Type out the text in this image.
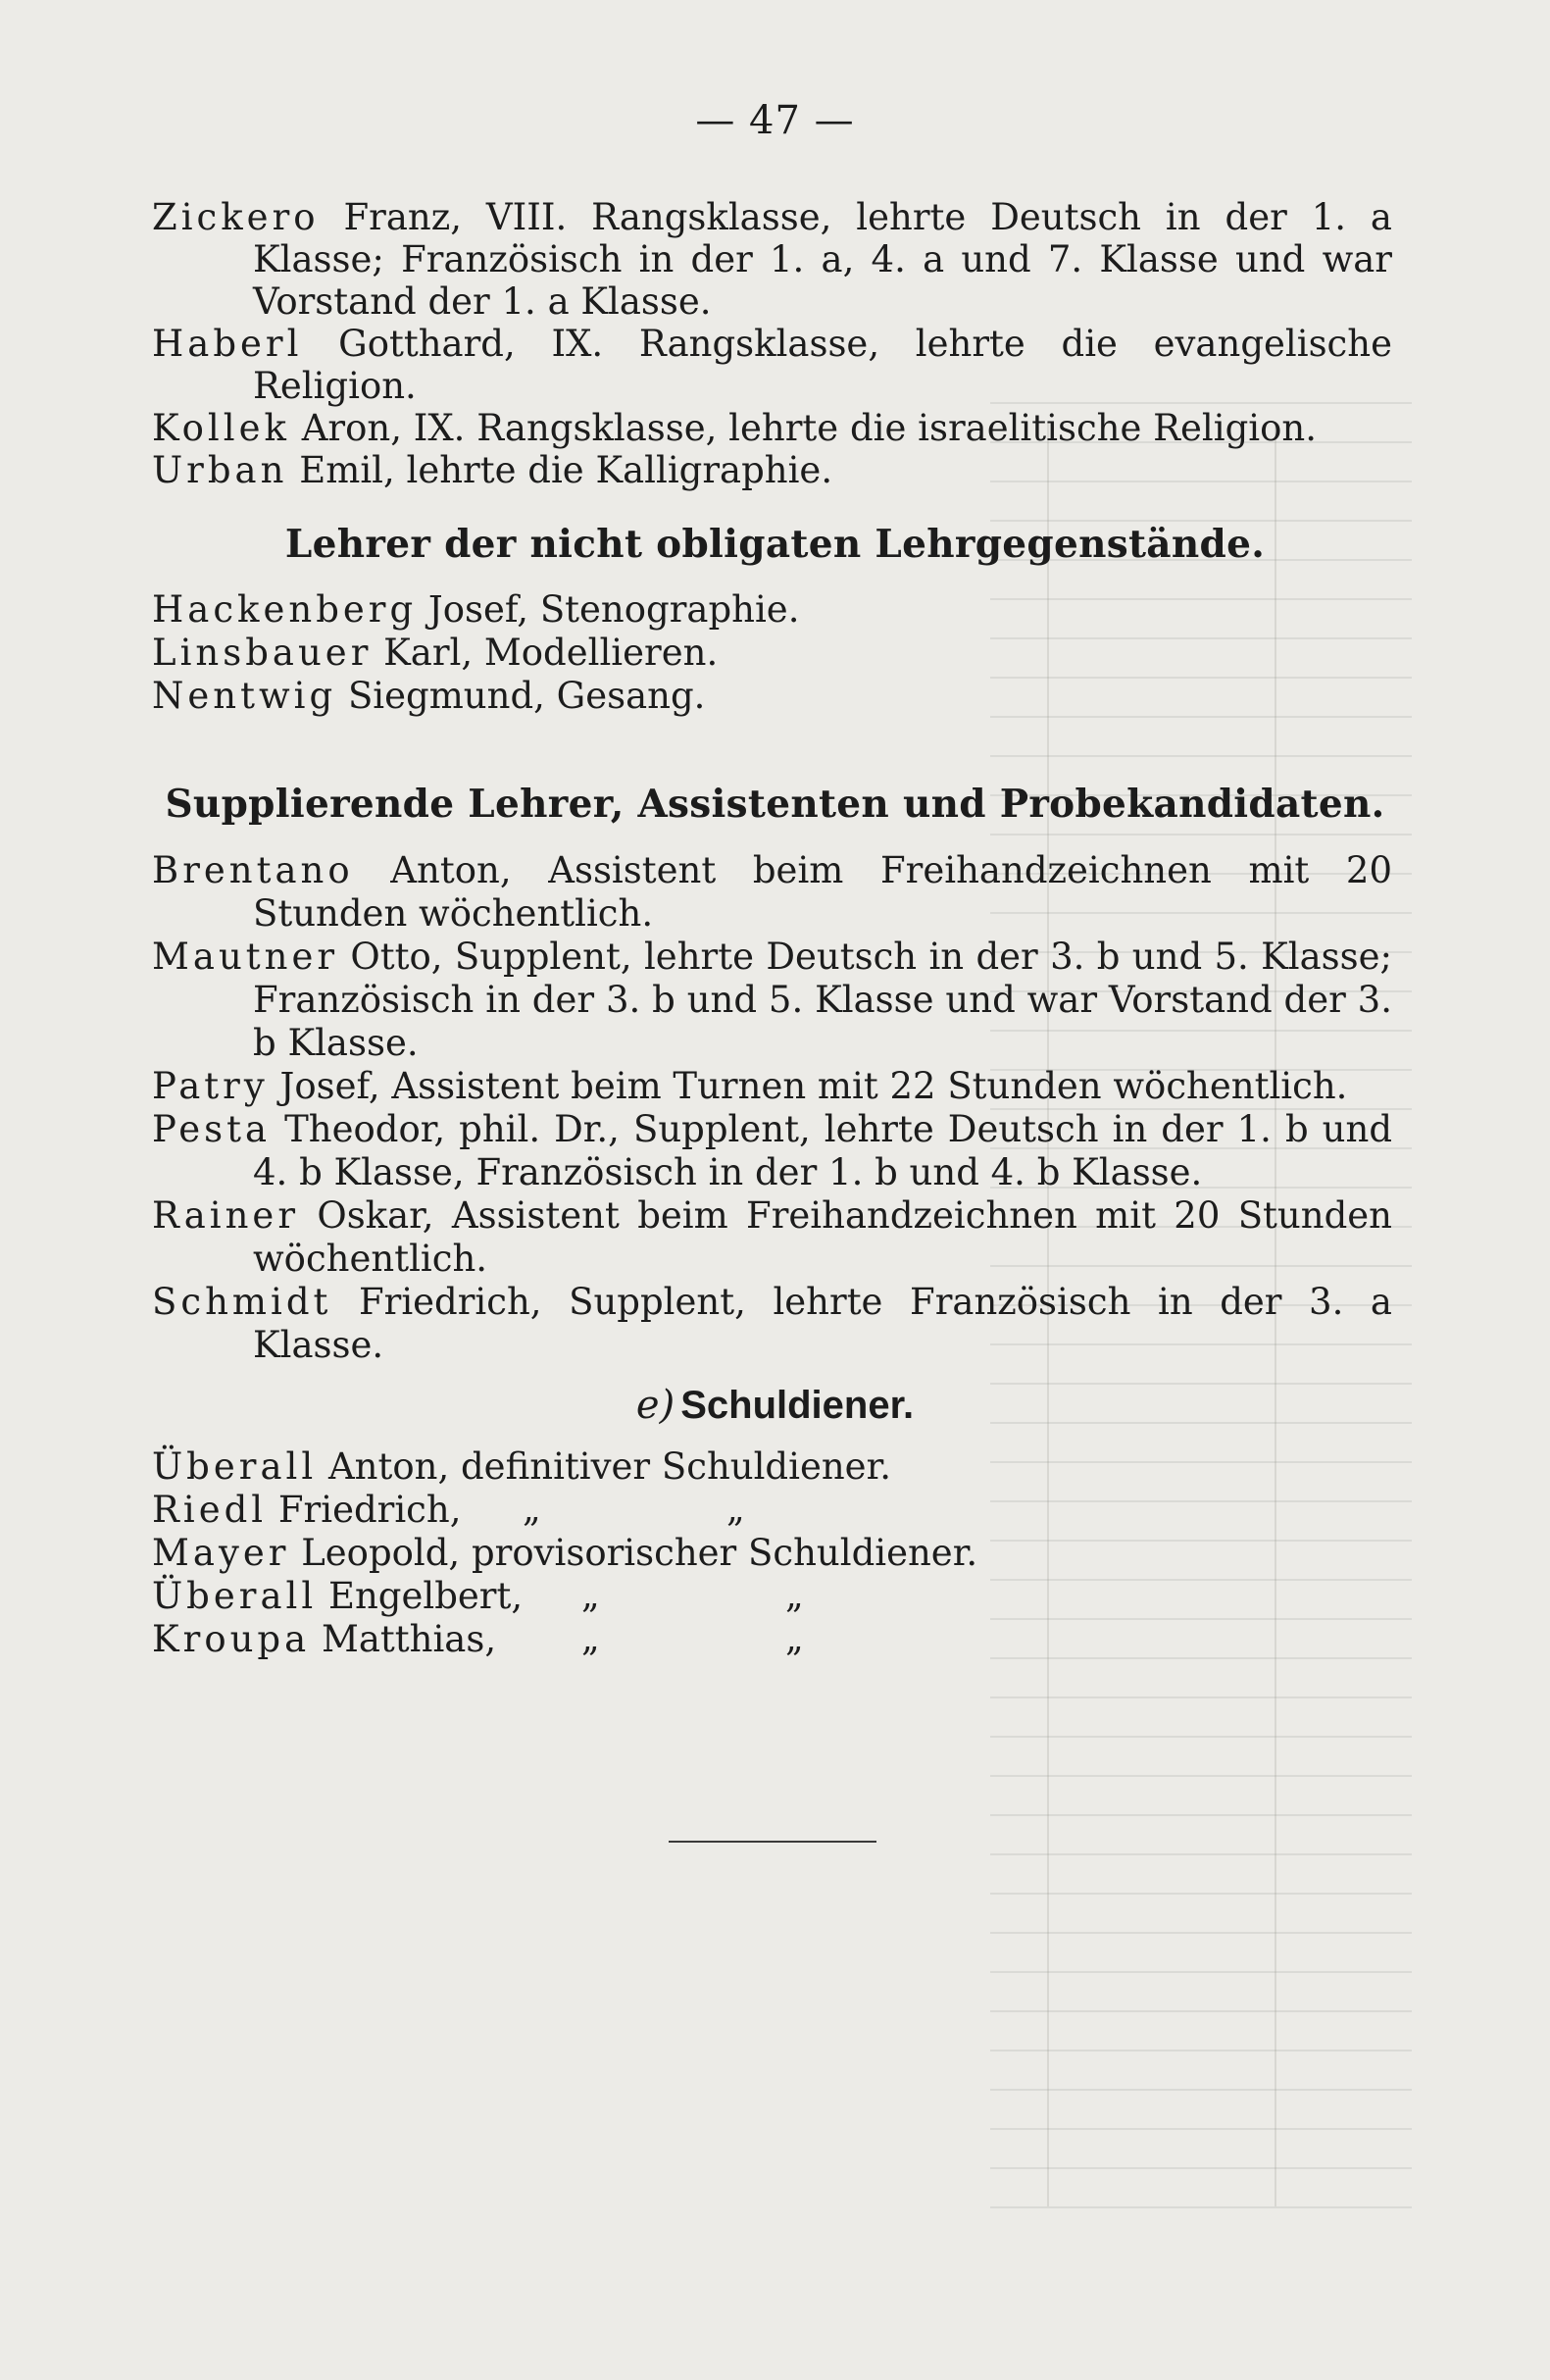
— 47 —

Zickero Franz, VIII. Rangsklasse, lehrte Deutsch in der 1. a Klasse; Französisch in der 1. a, 4. a und 7. Klasse und war Vorstand der 1. a Klasse.

Haberl Gotthard, IX. Rangsklasse, lehrte die evangelische Religion.

Kollek Aron, IX. Rangsklasse, lehrte die israelitische Religion.

Urban Emil, lehrte die Kalligraphie.

Lehrer der nicht obligaten Lehrgegenstände.

Hackenberg Josef, Stenographie.

Linsbauer Karl, Modellieren.

Nentwig Siegmund, Gesang.

Supplierende Lehrer, Assistenten und Probekandidaten.

Brentano Anton, Assistent beim Freihandzeichnen mit 20 Stunden wöchentlich.

Mautner Otto, Supplent, lehrte Deutsch in der 3. b und 5. Klasse; Französisch in der 3. b und 5. Klasse und war Vorstand der 3. b Klasse.

Patry Josef, Assistent beim Turnen mit 22 Stunden wöchentlich.

Pesta Theodor, phil. Dr., Supplent, lehrte Deutsch in der 1. b und 4. b Klasse, Französisch in der 1. b und 4. b Klasse.

Rainer Oskar, Assistent beim Freihandzeichnen mit 20 Stunden wöchentlich.

Schmidt Friedrich, Supplent, lehrte Französisch in der 3. a Klasse.

e) Schuldiener.
Überall Anton, definitiver Schuldiener.
Riedl Friedrich, „	„
Mayer Leopold, provisorischer Schuldiener.
Überall Engelbert, „	„
Kroupa Matthias, „	„
